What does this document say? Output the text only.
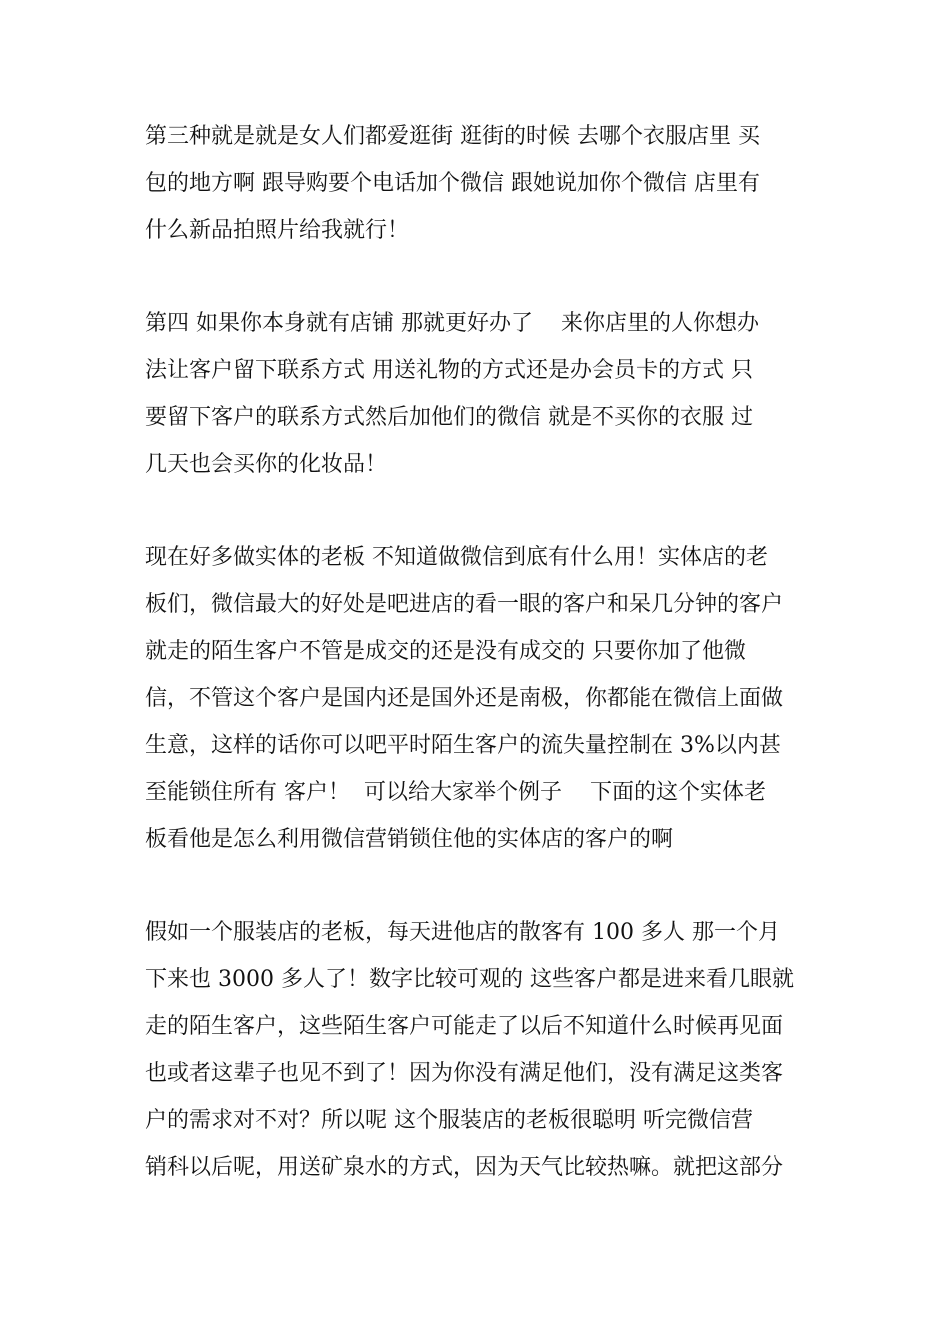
第三种就是就是女人们都爱逛街 逛街的时候 去哪个衣服店里 买
包的地方啊 跟导购要个电话加个微信 跟她说加你个微信 店里有
什么新品拍照片给我就行！
第四 如果你本身就有店铺 那就更好办了    来你店里的人你想办
法让客户留下联系方式 用送礼物的方式还是办会员卡的方式 只
要留下客户的联系方式然后加他们的微信 就是不买你的衣服 过
几天也会买你的化妆品！
现在好多做实体的老板 不知道做微信到底有什么用！实体店的老
板们，微信最大的好处是吧进店的看一眼的客户和呆几分钟的客户
就走的陌生客户不管是成交的还是没有成交的 只要你加了他微
信，不管这个客户是国内还是国外还是南极，你都能在微信上面做
生意，这样的话你可以吧平时陌生客户的流失量控制在 3%以内甚
至能锁住所有 客户！  可以给大家举个例子    下面的这个实体老
板看他是怎么利用微信营销锁住他的实体店的客户的啊
假如一个服装店的老板，每天进他店的散客有 100 多人 那一个月
下来也 3000 多人了！数字比较可观的 这些客户都是进来看几眼就
走的陌生客户，这些陌生客户可能走了以后不知道什么时候再见面
也或者这辈子也见不到了！因为你没有满足他们，没有满足这类客
户的需求对不对？所以呢 这个服装店的老板很聪明 听完微信营
销科以后呢，用送矿泉水的方式，因为天气比较热嘛。就把这部分
